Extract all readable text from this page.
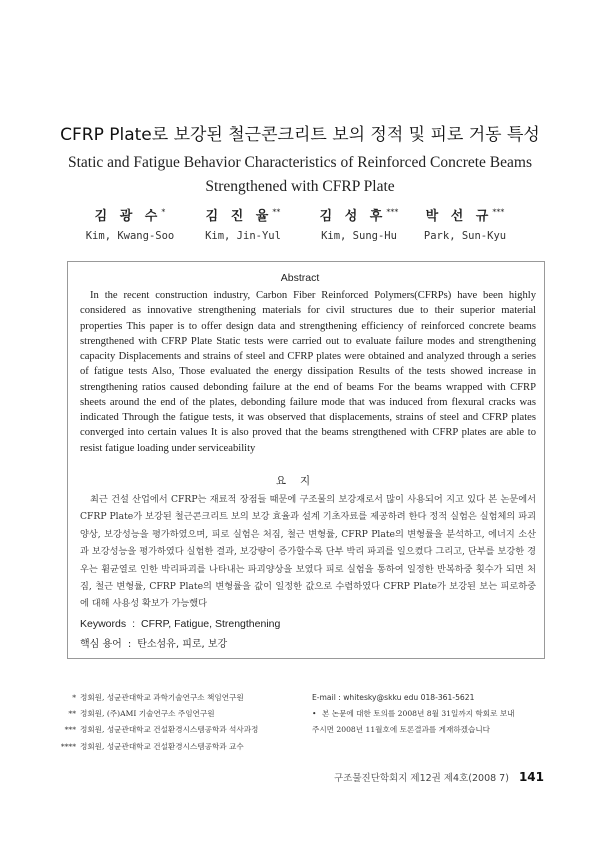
CFRP Plate로 보강된 철근콘크리트 보의 정적 및 피로 거동 특성
Static and Fatigue Behavior Characteristics of Reinforced Concrete Beams
Strengthened with CFRP Plate
김 광 수*
Kim, Kwang-Soo
김 진 율**
Kim, Jin-Yul
김 성 후***
Kim, Sung-Hu
박 선 규***
Park, Sun-Kyu
Abstract
In the recent construction industry, Carbon Fiber Reinforced Polymers(CFRPs) have been highly considered as innovative strengthening materials for civil structures due to their superior material properties This paper is to offer design data and strengthening efficiency of reinforced concrete beams strengthened with CFRP Plate Static tests were carried out to evaluate failure modes and strengthening capacity Displacements and strains of steel and CFRP plates were obtained and analyzed through a series of fatigue tests Also, Those evaluated the energy dissipation Results of the tests showed increase in strengthening ratios caused debonding failure at the end of beams For the beams wrapped with CFRP sheets around the end of the plates, debonding failure mode that was induced from flexural cracks was indicated Through the fatigue tests, it was observed that displacements, strains of steel and CFRP plates converged into certain values It is also proved that the beams strengthened with CFRP plates are able to resist fatigue loading under serviceability
요지
최근 건설 산업에서 CFRP는 재료적 장점들 때문에 구조물의 보강재로서 많이 사용되어 지고 있다 본 논문에서 CFRP Plate가 보강된 철근콘크리트 보의 보강 효율과 설계 기초자료를 제공하려 한다 정적 실험은 실험체의 파괴양상, 보강성능을 평가하였으며, 피로 실험은 처짐, 철근 변형률, CFRP Plate의 변형률을 분석하고, 에너지 소산과 보강성능을 평가하였다 실험한 결과, 보강량이 증가할수록 단부 박리 파괴를 일으켰다 그리고, 단부를 보강한 경우는 휨균열로 인한 박리파괴를 나타내는 파괴양상을 보였다 피로 실험을 통하여 일정한 반복하중 횟수가 되면 처짐, 철근 변형률, CFRP Plate의 변형률을 값이 일정한 값으로 수렴하였다 CFRP Plate가 보강된 보는 피로하중에 대해 사용성 확보가 가능했다
Keywords : CFRP, Fatigue, Strengthening
핵심 용어 : 탄소섬유, 피로, 보강
* 정회원, 성균관대학교 과학기술연구소 책임연구원
** 정회원, (주)AMI 기술연구소 주임연구원
*** 정회원, 성균관대학교 건설환경시스템공학과 석사과정
**** 정회원, 성균관대학교 건설환경시스템공학과 교수
E-mail : whitesky@skku edu 018-361-5621
• 본 논문에 대한 토의를 2008년 8월 31일까지 학회로 보내
주시면 2008년 11월호에 토론결과를 게재하겠습니다
구조물진단학회지 제12권 제4호(2008 7) 141
